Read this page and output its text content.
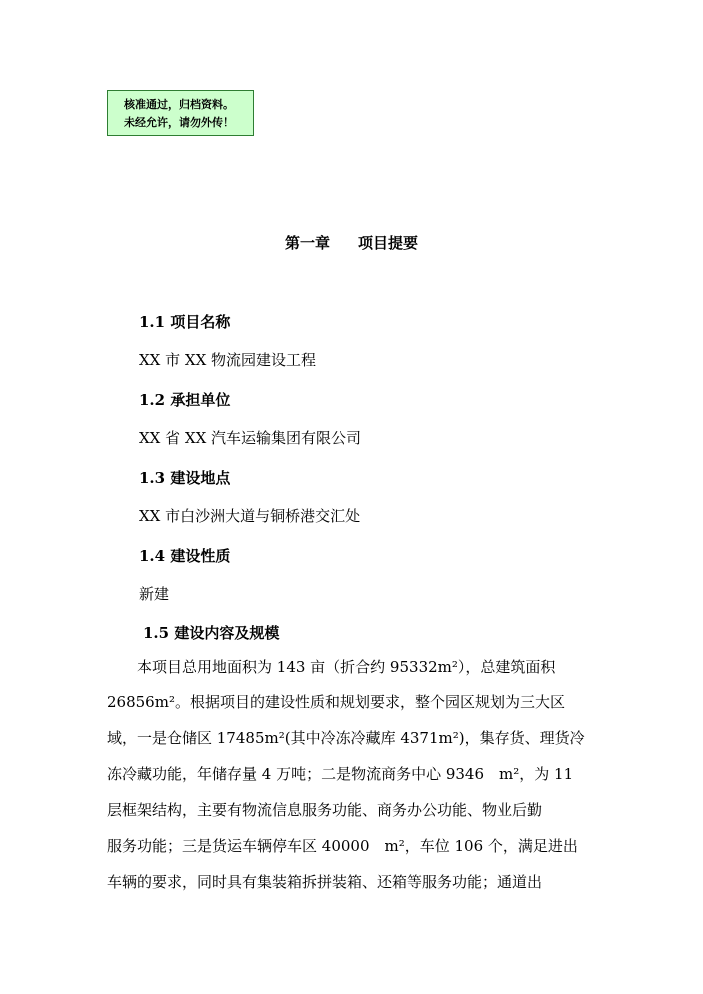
核准通过，归档资料。
未经允许，请勿外传！
第一章 项目提要
1.1 项目名称
XX 市 XX 物流园建设工程
1.2 承担单位
XX 省 XX 汽车运输集团有限公司
1.3 建设地点
XX 市白沙洲大道与铜桥港交汇处
1.4 建设性质
新建
1.5 建设内容及规模
　　本项目总用地面积为 143 亩（折合约 95332m²），总建筑面积
26856m²。根据项目的建设性质和规划要求，整个园区规划为三大区
域，一是仓储区 17485m²(其中冷冻冷藏库 4371m²)，集存货、理货冷
冻冷藏功能，年储存量 4 万吨；二是物流商务中心 9346　m²，为 11
层框架结构，主要有物流信息服务功能、商务办公功能、物业后勤
服务功能；三是货运车辆停车区 40000　m²，车位 106 个，满足进出
车辆的要求，同时具有集装箱拆拼装箱、还箱等服务功能；通道出
